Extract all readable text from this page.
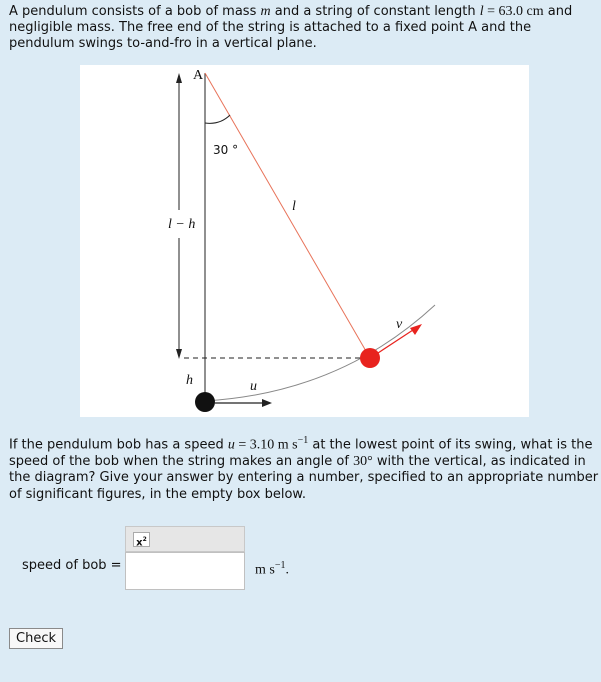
A pendulum consists of a bob of mass m and a string of constant length l = 63.0 cm and negligible mass. The free end of the string is attached to a fixed point A and the pendulum swings to-and-fro in a vertical plane.
A
30 °
l
l − h
h	u
v
If the pendulum bob has a speed u = 3.10 m $s^{-1}$ at the lowest point of its swing, what is the speed of the bob when the string makes an angle of 30° with the vertical, as indicated in the diagram? Give your answer by entering a number, specified to an appropriate number of significant figures, in the empty box below.
speed of bob =
$x^2$
m $s^{-1}$.
Check
